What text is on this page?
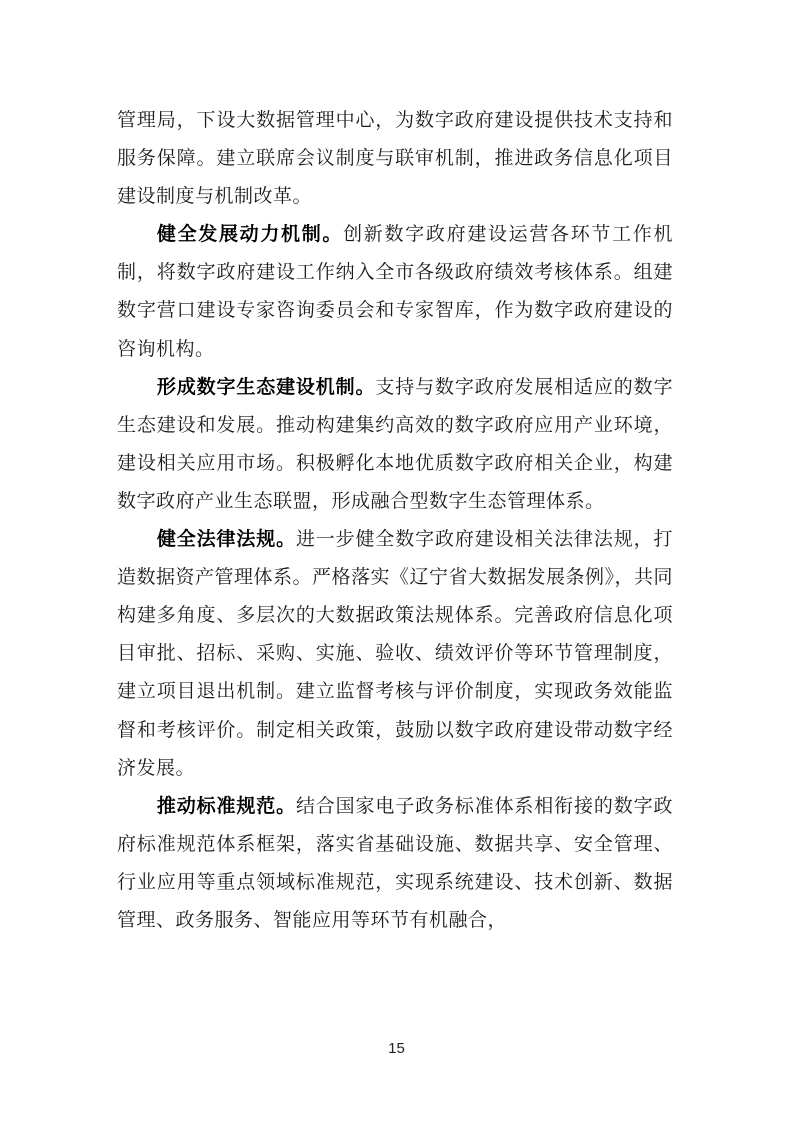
管理局，下设大数据管理中心，为数字政府建设提供技术支持和服务保障。建立联席会议制度与联审机制，推进政务信息化项目建设制度与机制改革。

健全发展动力机制。创新数字政府建设运营各环节工作机制，将数字政府建设工作纳入全市各级政府绩效考核体系。组建数字营口建设专家咨询委员会和专家智库，作为数字政府建设的咨询机构。

形成数字生态建设机制。支持与数字政府发展相适应的数字生态建设和发展。推动构建集约高效的数字政府应用产业环境，建设相关应用市场。积极孵化本地优质数字政府相关企业，构建数字政府产业生态联盟，形成融合型数字生态管理体系。

健全法律法规。进一步健全数字政府建设相关法律法规，打造数据资产管理体系。严格落实《辽宁省大数据发展条例》，共同构建多角度、多层次的大数据政策法规体系。完善政府信息化项目审批、招标、采购、实施、验收、绩效评价等环节管理制度，建立项目退出机制。建立监督考核与评价制度，实现政务效能监督和考核评价。制定相关政策，鼓励以数字政府建设带动数字经济发展。

推动标准规范。结合国家电子政务标准体系相衔接的数字政府标准规范体系框架，落实省基础设施、数据共享、安全管理、行业应用等重点领域标准规范，实现系统建设、技术创新、数据管理、政务服务、智能应用等环节有机融合，

15
